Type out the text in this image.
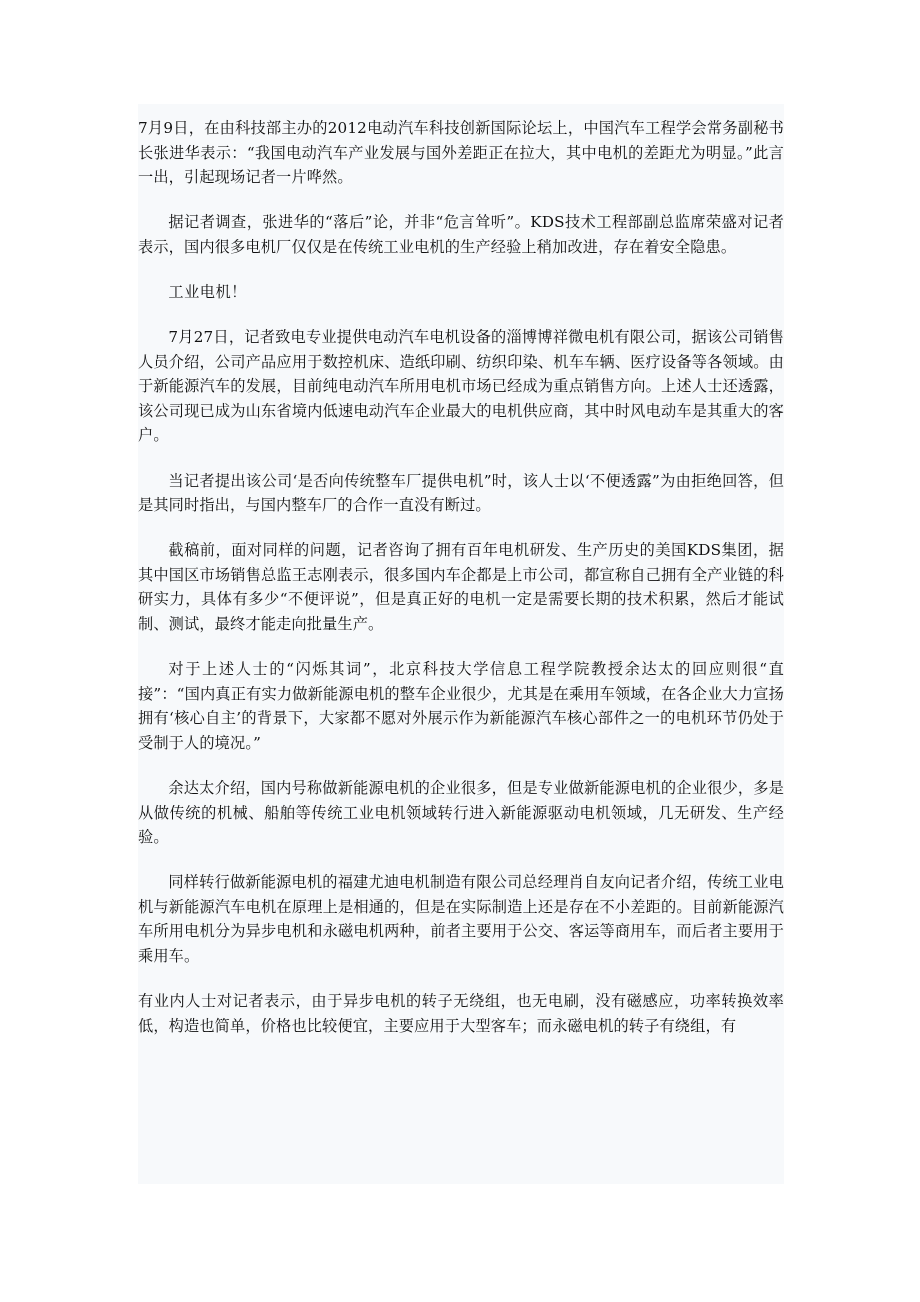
7月9日，在由科技部主办的2012电动汽车科技创新国际论坛上，中国汽车工程学会常务副秘书长张进华表示：“我国电动汽车产业发展与国外差距正在拉大，其中电机的差距尤为明显。”此言一出，引起现场记者一片哗然。

据记者调查，张进华的“落后”论，并非“危言耸听”。KDS技术工程部副总监席荣盛对记者表示，国内很多电机厂仅仅是在传统工业电机的生产经验上稍加改进，存在着安全隐患。

工业电机！

7月27日，记者致电专业提供电动汽车电机设备的淄博博祥微电机有限公司，据该公司销售人员介绍，公司产品应用于数控机床、造纸印刷、纺织印染、机车车辆、医疗设备等各领域。由于新能源汽车的发展，目前纯电动汽车所用电机市场已经成为重点销售方向。上述人士还透露，该公司现已成为山东省境内低速电动汽车企业最大的电机供应商，其中时风电动车是其重大的客户。

当记者提出该公司‘是否向传统整车厂提供电机”时，该人士以‘不便透露”为由拒绝回答，但是其同时指出，与国内整车厂的合作一直没有断过。

截稿前，面对同样的问题，记者咨询了拥有百年电机研发、生产历史的美国KDS集团，据其中国区市场销售总监王志刚表示，很多国内车企都是上市公司，都宣称自己拥有全产业链的科研实力，具体有多少“不便评说”，但是真正好的电机一定是需要长期的技术积累，然后才能试制、测试，最终才能走向批量生产。

对于上述人士的“闪烁其词”，北京科技大学信息工程学院教授余达太的回应则很“直接”：“国内真正有实力做新能源电机的整车企业很少，尤其是在乘用车领域，在各企业大力宣扬拥有‘核心自主’的背景下，大家都不愿对外展示作为新能源汽车核心部件之一的电机环节仍处于受制于人的境况。”

余达太介绍，国内号称做新能源电机的企业很多，但是专业做新能源电机的企业很少，多是从做传统的机械、船舶等传统工业电机领域转行进入新能源驱动电机领域，几无研发、生产经验。

同样转行做新能源电机的福建尤迪电机制造有限公司总经理肖自友向记者介绍，传统工业电机与新能源汽车电机在原理上是相通的，但是在实际制造上还是存在不小差距的。目前新能源汽车所用电机分为异步电机和永磁电机两种，前者主要用于公交、客运等商用车，而后者主要用于乘用车。

有业内人士对记者表示，由于异步电机的转子无绕组，也无电刷，没有磁感应，功率转换效率低，构造也简单，价格也比较便宜，主要应用于大型客车；而永磁电机的转子有绕组，有
